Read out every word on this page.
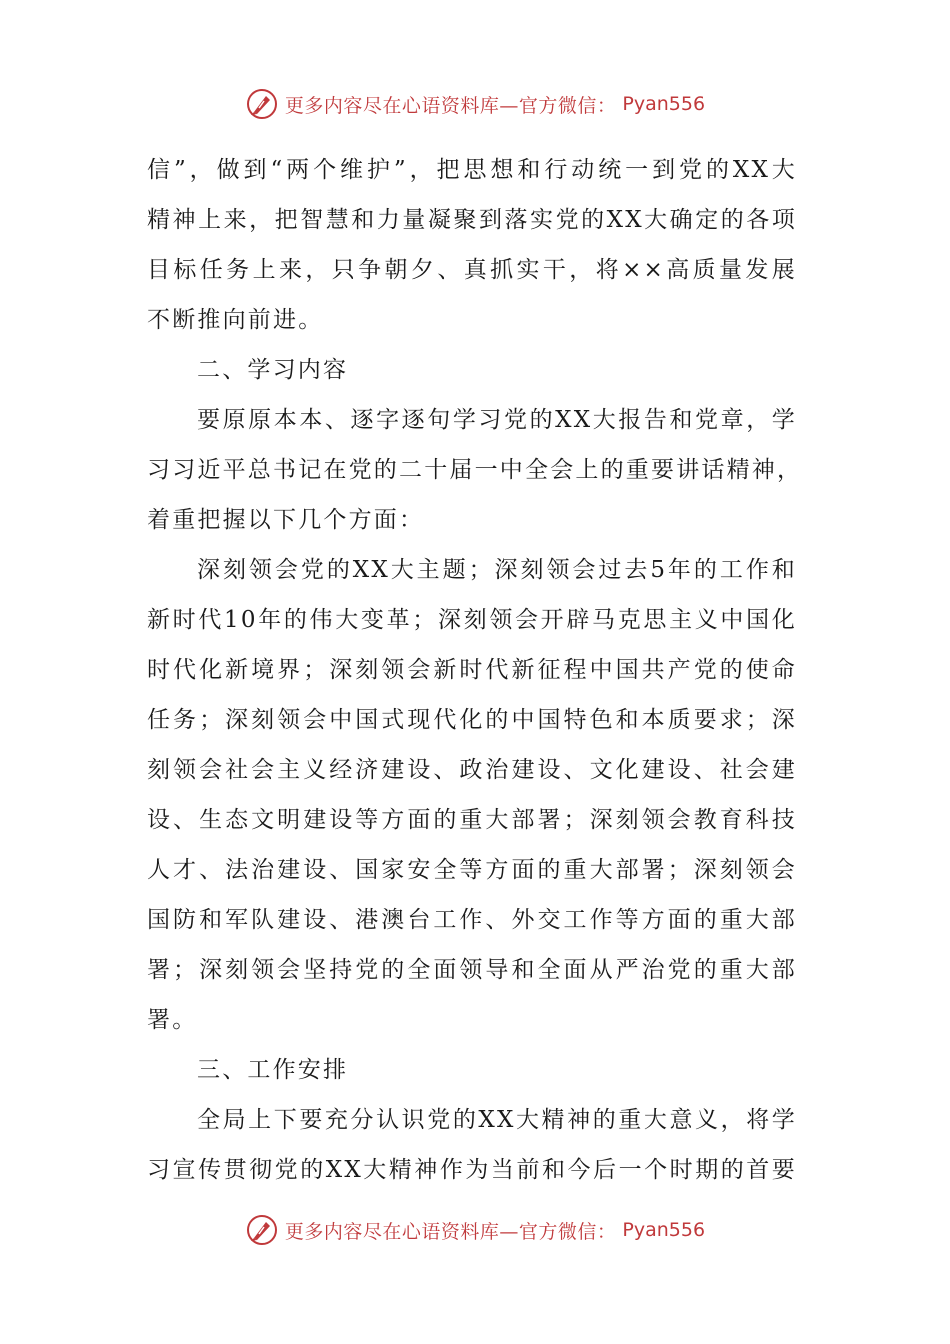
更多内容尽在心语资料库—官方微信： Pyan556
信”，做到“两个维护”，把思想和行动统一到党的XX大
精神上来，把智慧和力量凝聚到落实党的XX大确定的各项
目标任务上来，只争朝夕、真抓实干，将××高质量发展
不断推向前进。
二、学习内容
要原原本本、逐字逐句学习党的XX大报告和党章，学
习习近平总书记在党的二十届一中全会上的重要讲话精神，
着重把握以下几个方面：
深刻领会党的XX大主题；深刻领会过去5年的工作和
新时代10年的伟大变革；深刻领会开辟马克思主义中国化
时代化新境界；深刻领会新时代新征程中国共产党的使命
任务；深刻领会中国式现代化的中国特色和本质要求；深
刻领会社会主义经济建设、政治建设、文化建设、社会建
设、生态文明建设等方面的重大部署；深刻领会教育科技
人才、法治建设、国家安全等方面的重大部署；深刻领会
国防和军队建设、港澳台工作、外交工作等方面的重大部
署；深刻领会坚持党的全面领导和全面从严治党的重大部
署。
三、工作安排
全局上下要充分认识党的XX大精神的重大意义，将学
习宣传贯彻党的XX大精神作为当前和今后一个时期的首要
更多内容尽在心语资料库—官方微信： Pyan556
